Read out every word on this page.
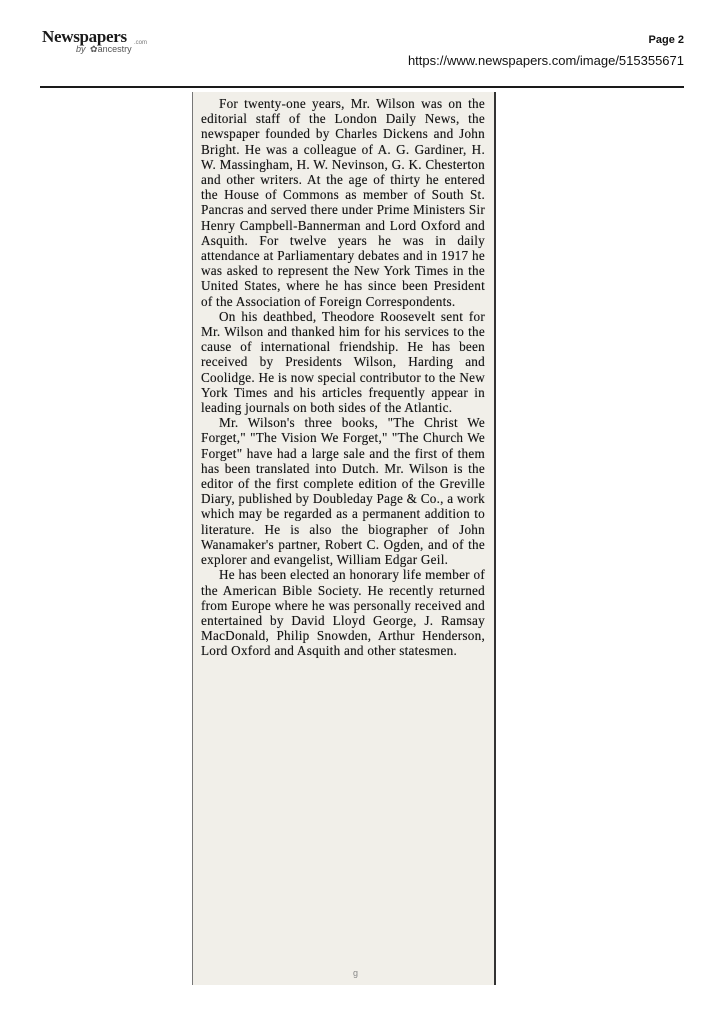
Newspapers	.com
by ✿ancestry
Page 2
https://www.newspapers.com/image/515355671

For twenty-one years, Mr. Wilson was on the editorial staff of the London Daily News, the newspaper founded by Charles Dickens and John Bright. He was a colleague of A. G. Gardiner, H. W. Massingham, H. W. Nevinson, G. K. Chesterton and other writers. At the age of thirty he entered the House of Commons as member of South St. Pancras and served there under Prime Ministers Sir Henry Campbell-Bannerman and Lord Oxford and Asquith. For twelve years he was in daily attendance at Parliamentary debates and in 1917 he was asked to represent the New York Times in the United States, where he has since been President of the Association of Foreign Correspondents.

On his deathbed, Theodore Roosevelt sent for Mr. Wilson and thanked him for his services to the cause of international friendship. He has been received by Presidents Wilson, Harding and Coolidge. He is now special contributor to the New York Times and his articles frequently appear in leading journals on both sides of the Atlantic.

Mr. Wilson's three books, "The Christ We Forget," "The Vision We Forget," "The Church We Forget" have had a large sale and the first of them has been translated into Dutch. Mr. Wilson is the editor of the first complete edition of the Greville Diary, published by Doubleday Page & Co., a work which may be regarded as a permanent addition to literature. He is also the biographer of John Wanamaker's partner, Robert C. Ogden, and of the explorer and evangelist, William Edgar Geil.

He has been elected an honorary life member of the American Bible Society. He recently returned from Europe where he was personally received and entertained by David Lloyd George, J. Ramsay MacDonald, Philip Snowden, Arthur Henderson, Lord Oxford and Asquith and other statesmen.

g
